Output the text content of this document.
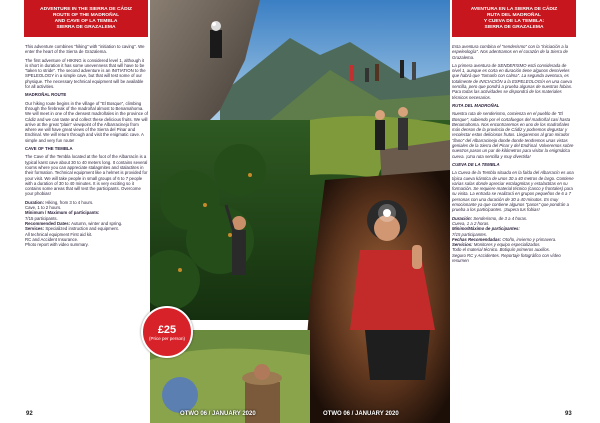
ADVENTURE IN THE SIERRA DE CÁDIZ
ROUTE OF THE MADROÑAL
AND CAVE OF LA TEMBLA
SIERRA DE GRAZALEMA

This adventure combines "hiking" with "initiation to caving". We enter the heart of the Sierra de Grazalema.

The first adventure of HIKING is considered level 1, although it is short in duration it has some unevenness that will have to be "taken to stride". The second adventure is an INITIATION to the SPELEOLOGY in a simple cave, but that will test some of our physique. The necessary technical equipment will be available for all activities.

MADROÑAL ROUTE

Our hiking route begins in the village of "El Bosque", climbing through the firebreak of the madroñal almost to Benamahoma. We will meet in one of the densest madroñales in the province of Cádiz and we can taste and collect these delicious fruits. We will arrive at the great "plain" viewpoint of the Albarracinejo from where we will have great views of the Sierra del Pinar and Endrinal. We will return through and visit the enigmatic cave. A simple and very fun route!

CAVE OF THE TEMBLA

The Cave of the Tembla located at the foot of the Albarracín is a typical karst cave about 30 to 40 meters long. It contains several rooms where you can appreciate stalagmites and stalactites in their formation. Technical equipment like a helmet is provided for your visit. We will take people in small groups of 6 to 7 people with a duration of 30 to 40 minutes. It is very exciting so it contains some areas that will test the participants. Overcome your phobias!

Duration: Hiking, from 3 to 4 hours.
Cave, 1 to 2 hours.
Minimum / Maximum of participants:
7/15 participants.
Recommended Dates: Autumn, winter and spring.
Services: Specialized instruction and equipment.
All technical equipment First aid kit.
RC and Accident Insurance.
Photo report with video summary.
92
£25
(Price per person)
OTWO 06 / JANUARY 2020	OTWO 06 / JANUARY 2020
AVENTURA EN LA SIERRA DE CÁDIZ
RUTA DEL MADROÑAL
Y CUEVA DE LA TEMBLA:
SIERRA DE GRAZALEMA

Esta aventura combina el "senderismo" con la "iniciación a la espeleología". Nos adentramos en el corazón de la Sierra de Grazalema.

La primera aventura de SENDERISMO está considerada de nivel 1, aunque es corta en duración tiene algunos desniveles que habrá que "tomarlo con calma". La segunda aventura, es totalmente de INICIACIÓN a la ESPELEOLOGÍA en una cueva sencilla, pero que pondrá a prueba algunas de nuestras fobias. Para todas las actividades se dispondrá de los materiales técnicos necesarios.

RUTA DEL MADROÑAL

Nuestra ruta de senderismo, comienza en el pueblo de "El Bosque", subiendo por el cortafuegos del madroñal casi hasta Benamahoma. Nos encontraremos en uno de los madroñales más densos de la provincia de Cádiz y podremos degustar y recolectar estos deliciosos frutos. Llegaremos al gran mirador "llano" del Albarracinejo donde donde tendremos unas vistas geniales de la Sierra del Pinar y del Endrinal. Volveremos sobre nuestros pasos un par de kilómetros para visitar la enigmática cueva. ¡Una ruta sencilla y muy divertida!

CUEVA DE LA TEMBLA

La Cueva de la Tembla situada en la falda del Albarracín es una típica cueva kárstica de unos 30 a 40 metros de largo. Contiene varias salas donde apreciar estalagmitas y estalactitas en su formación. Se requiere material técnico (casco y frontales) para su visita. La entrada se realizará en grupos pequeños de 6 a 7 personas con una duración de 30 a 40 minutos. Es muy emocionante ya que contiene algunos "pasos" que pondrán a prueba a los participantes. ¡Supera tus fobias!

Duración: Senderismo, de 3 a 4 horas.
Cueva, 1 a 2 horas.
Mínimo/Máximo de participantes:
7/15 participantes.
Fechas Recomendadas: Otoño, invierno y primavera.
Servicios: Monitores y equipo especializados.
Todo el material técnico. Botiquín primeros auxilios.
Seguro RC y Accidentes. Reportaje fotográfico con vídeo resumen
93
